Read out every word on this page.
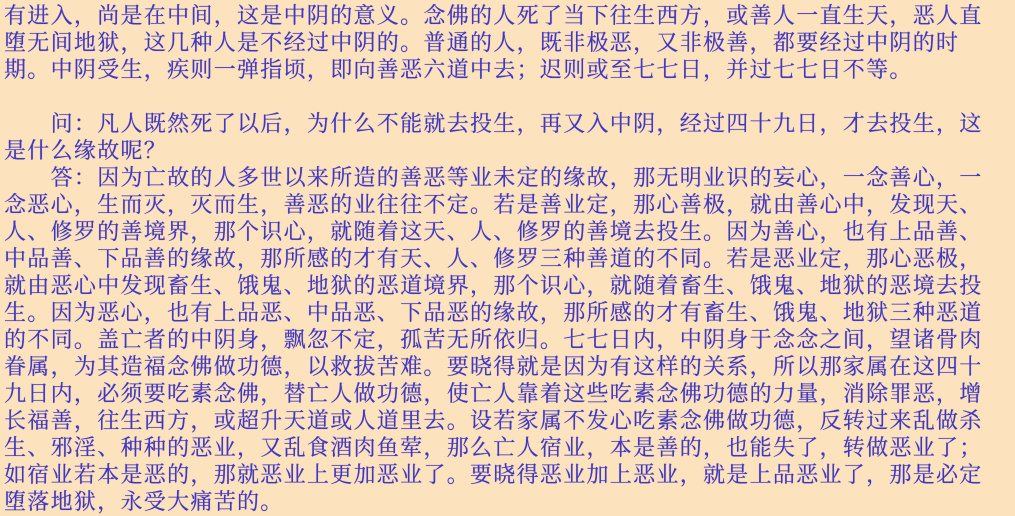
有进入，尚是在中间，这是中阴的意义。念佛的人死了当下往生西方，或善人一直生天，恶人直
堕无间地狱，这几种人是不经过中阴的。普通的人，既非极恶，又非极善，都要经过中阴的时
期。中阴受生，疾则一弹指顷，即向善恶六道中去；迟则或至七七日，并过七七日不等。
　　问：凡人既然死了以后，为什么不能就去投生，再又入中阴，经过四十九日，才去投生，这
是什么缘故呢？
　　答：因为亡故的人多世以来所造的善恶等业未定的缘故，那无明业识的妄心，一念善心，一
念恶心，生而灭，灭而生，善恶的业往往不定。若是善业定，那心善极，就由善心中，发现天、
人、修罗的善境界，那个识心，就随着这天、人、修罗的善境去投生。因为善心，也有上品善、
中品善、下品善的缘故，那所感的才有天、人、修罗三种善道的不同。若是恶业定，那心恶极，
就由恶心中发现畜生、饿鬼、地狱的恶道境界，那个识心，就随着畜生、饿鬼、地狱的恶境去投
生。因为恶心，也有上品恶、中品恶、下品恶的缘故，那所感的才有畜生、饿鬼、地狱三种恶道
的不同。盖亡者的中阴身，飘忽不定，孤苦无所依归。七七日内，中阴身于念念之间，望诸骨肉
眷属，为其造福念佛做功德，以救拔苦难。要晓得就是因为有这样的关系，所以那家属在这四十
九日内，必须要吃素念佛，替亡人做功德，使亡人靠着这些吃素念佛功德的力量，消除罪恶，增
长福善，往生西方，或超升天道或人道里去。设若家属不发心吃素念佛做功德，反转过来乱做杀
生、邪淫、种种的恶业，又乱食酒肉鱼荤，那么亡人宿业，本是善的，也能失了，转做恶业了；
如宿业若本是恶的，那就恶业上更加恶业了。要晓得恶业加上恶业，就是上品恶业了，那是必定
堕落地狱，永受大痛苦的。
